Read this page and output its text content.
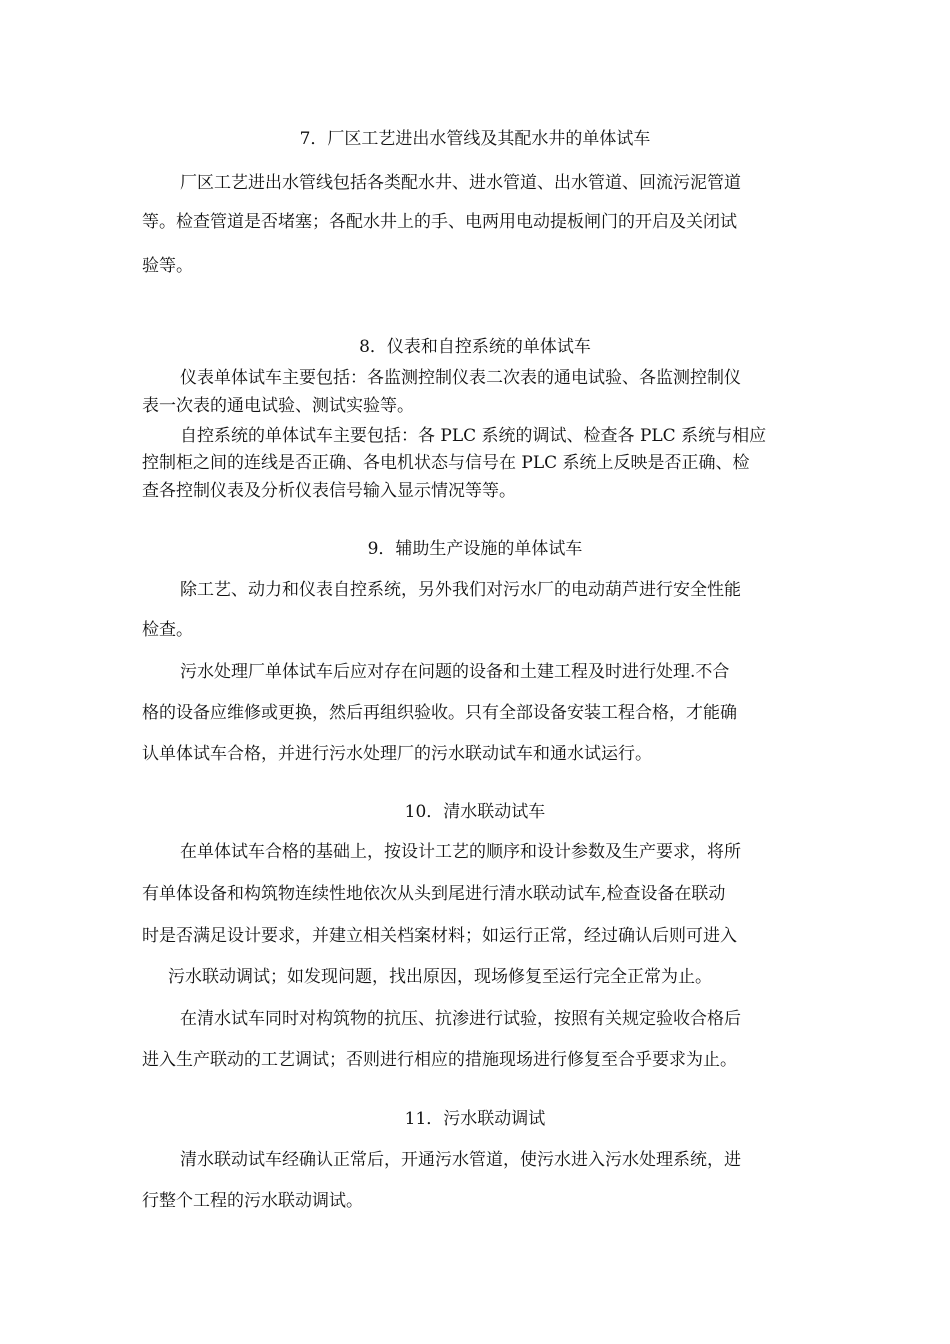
7．厂区工艺进出水管线及其配水井的单体试车
厂区工艺进出水管线包括各类配水井、进水管道、出水管道、回流污泥管道
等。检查管道是否堵塞；各配水井上的手、电两用电动提板闸门的开启及关闭试
验等。
8．仪表和自控系统的单体试车
仪表单体试车主要包括：各监测控制仪表二次表的通电试验、各监测控制仪
表一次表的通电试验、测试实验等。
自控系统的单体试车主要包括：各 PLC 系统的调试、检查各 PLC 系统与相应
控制柜之间的连线是否正确、各电机状态与信号在 PLC 系统上反映是否正确、检
查各控制仪表及分析仪表信号输入显示情况等等。
9．辅助生产设施的单体试车
除工艺、动力和仪表自控系统，另外我们对污水厂的电动葫芦进行安全性能
检查。
污水处理厂单体试车后应对存在问题的设备和土建工程及时进行处理.不合
格的设备应维修或更换，然后再组织验收。只有全部设备安装工程合格，才能确
认单体试车合格，并进行污水处理厂的污水联动试车和通水试运行。
10．清水联动试车
在单体试车合格的基础上，按设计工艺的顺序和设计参数及生产要求，将所
有单体设备和构筑物连续性地依次从头到尾进行清水联动试车,检查设备在联动
时是否满足设计要求，并建立相关档案材料；如运行正常，经过确认后则可进入
污水联动调试；如发现问题，找出原因，现场修复至运行完全正常为止。
在清水试车同时对构筑物的抗压、抗渗进行试验，按照有关规定验收合格后
进入生产联动的工艺调试；否则进行相应的措施现场进行修复至合乎要求为止。
11．污水联动调试
清水联动试车经确认正常后，开通污水管道，使污水进入污水处理系统，进
行整个工程的污水联动调试。
